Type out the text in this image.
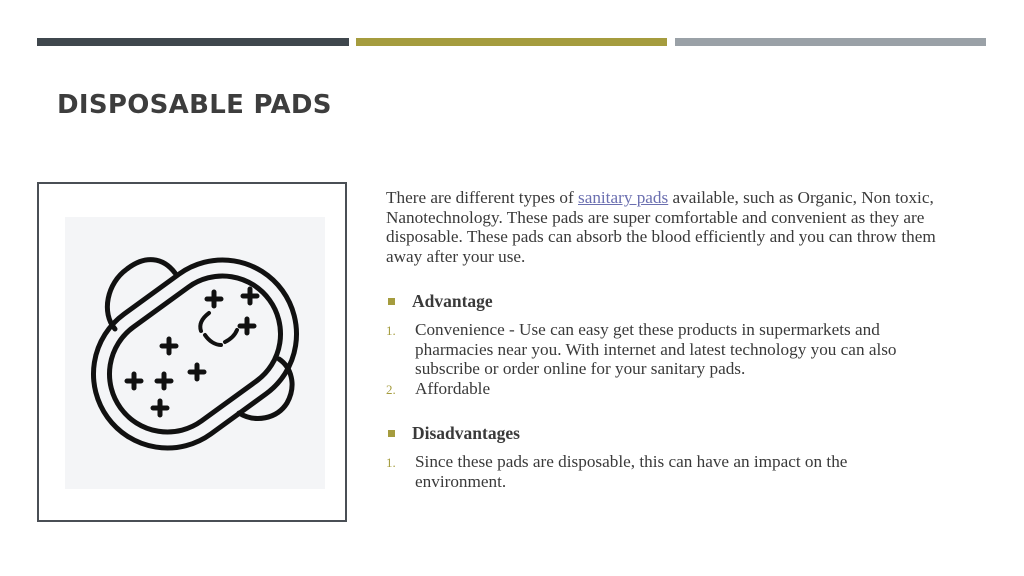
DISPOSABLE PADS

There are different types of sanitary pads available, such as Organic, Non toxic, Nanotechnology. These pads are super comfortable and convenient as they are disposable. These pads can absorb the blood efficiently and you can throw them away after your use.

Advantage

1. Convenience - Use can easy get these products in supermarkets and pharmacies near you. With internet and latest technology you can also subscribe or order online for your sanitary pads.
2. Affordable

Disadvantages

1. Since these pads are disposable, this can have an impact on the environment.
